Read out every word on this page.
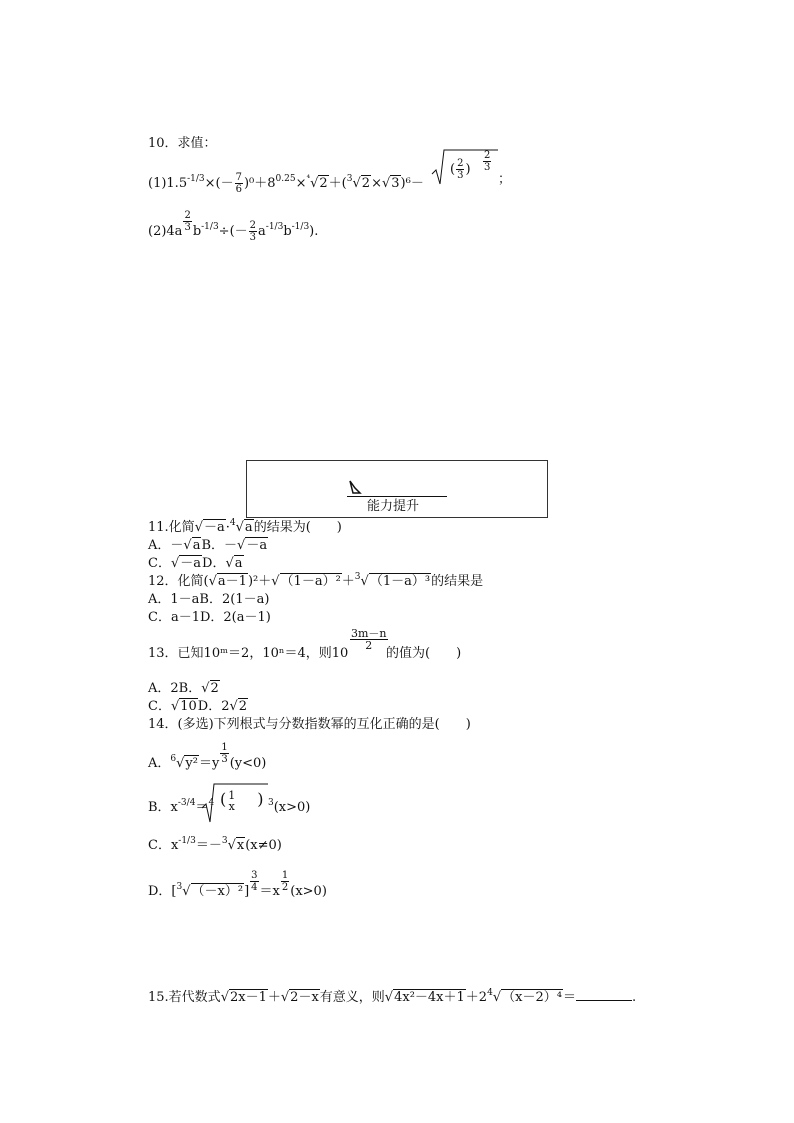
10．求值：
$(1)1.5^{-1/3}\times(- \frac{7}{6} )^0+8^{0.25}\times^{^4}√2+(^3√2\times√3)^6-$
( $\frac{2}{3}$ ) $\frac{2}{3}$
；
$(2)4a \frac{2}{3} b^{-1/3}\div(- \frac{2}{3} a^{-1/3}b^{-1/3})$.
能力提升
11.化简√－a·$^4$√a的结果为(　　)
A．－√aB．－√－a
C．√－aD．√a
12．化简(√a－1)²＋√（1－a）²＋$^3$√（1－a）³的结果是
A．1－aB．2(1－a)
C．a－1D．2(a－1)
13．已知10ᵐ＝2，10ⁿ＝4，则10
$\frac{3m-n}{2}$
的值为(　　)
A．2B．√2
C．√10D．2√2
14．(多选)下列根式与分数指数幂的互化正确的是(　　)
A．$^6√y^2=y \frac{1}{3} (y<0)$
B．$x^{-3/4}=^4$ ( 1
x ) $^3$(x>0)
C．$x^{-1/3}=-^3√x(x\ne 0)$
D．$[^3√(-x)^2] \frac{3}{4} =x \frac{1}{2} (x>0)$
15.若代数式√2x－1＋√2－x有意义，则$√4x^2-4x+1+2^4√(x-2)^4=$	.
